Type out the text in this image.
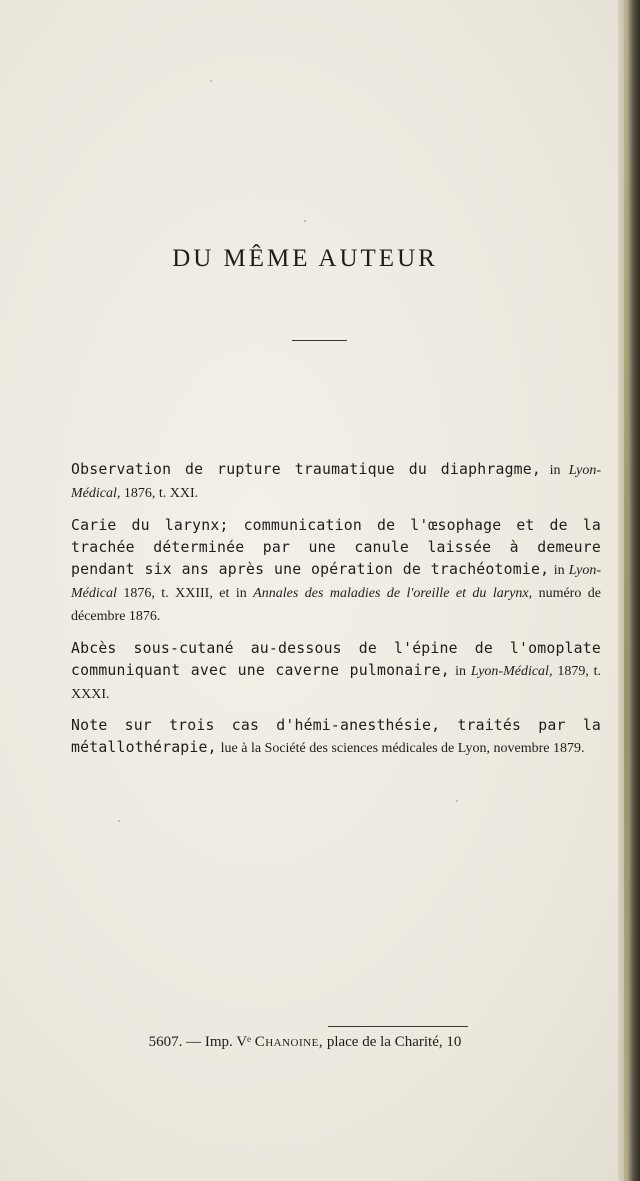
DU MÊME AUTEUR
Observation de rupture traumatique du diaphragme, in Lyon-Médical, 1876, t. XXI.
Carie du larynx; communication de l'œsophage et de la trachée déterminée par une canule laissée à demeure pendant six ans après une opération de trachéotomie, in Lyon-Médical 1876, t. XXIII, et in Annales des maladies de l'oreille et du larynx, numéro de décembre 1876.
Abcès sous-cutané au-dessous de l'épine de l'omoplate communiquant avec une caverne pulmonaire, in Lyon-Médical, 1879, t. XXXI.
Note sur trois cas d'hémi-anesthésie, traités par la métallothérapie, lue à la Société des sciences médicales de Lyon, novembre 1879.
5607. — Imp. Vᵉ Chanoine, place de la Charité, 10
